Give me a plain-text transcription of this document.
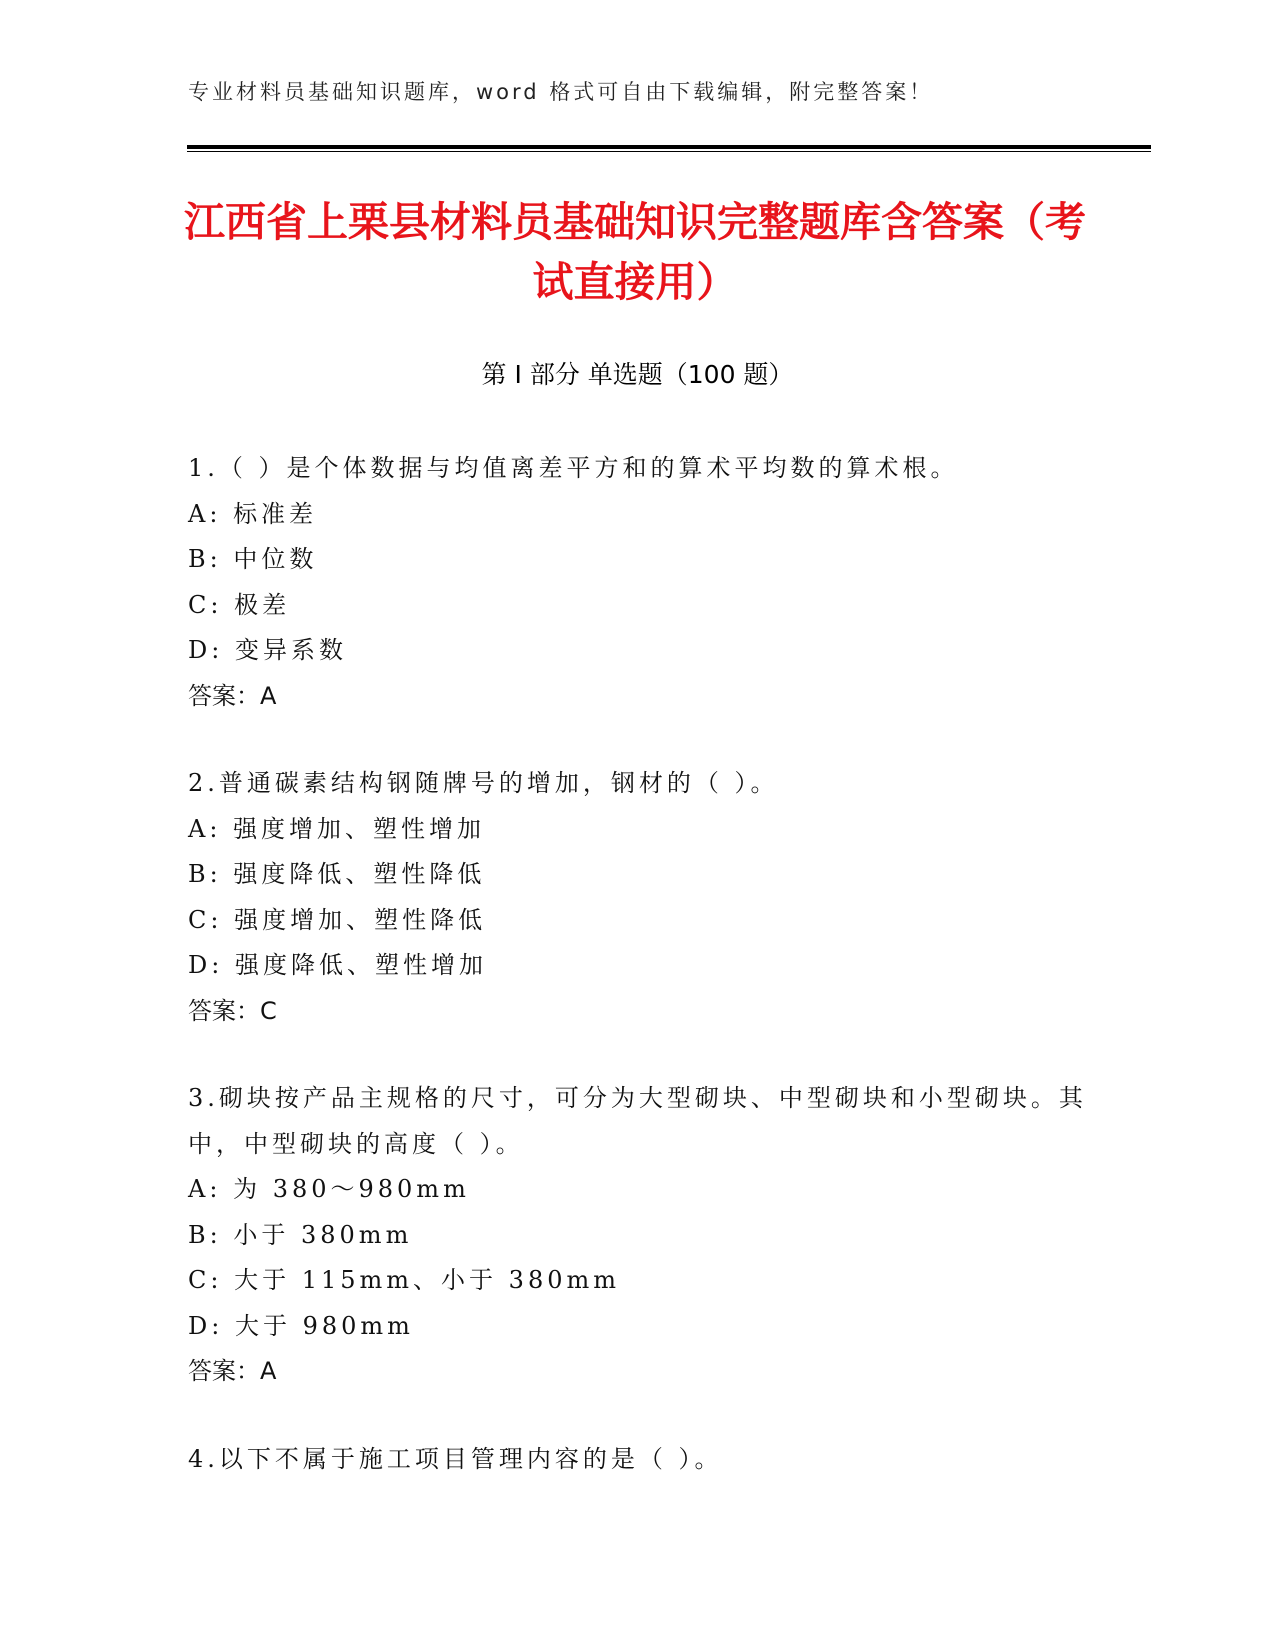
专业材料员基础知识题库，word 格式可自由下载编辑，附完整答案！
江西省上栗县材料员基础知识完整题库含答案（考试直接用）
第 I 部分 单选题（100 题）

1.（ ）是个体数据与均值离差平方和的算术平均数的算术根。

A: 标准差
B: 中位数
C: 极差
D: 变异系数
答案：A

2.普通碳素结构钢随牌号的增加，钢材的（ ）。

A: 强度增加、塑性增加
B: 强度降低、塑性降低
C: 强度增加、塑性降低
D: 强度降低、塑性增加
答案：C

3.砌块按产品主规格的尺寸，可分为大型砌块、中型砌块和小型砌块。其中，中型砌块的高度（ ）。

A: 为 380～980mm
B: 小于 380mm
C: 大于 115mm、小于 380mm
D: 大于 980mm
答案：A

4.以下不属于施工项目管理内容的是（ ）。
